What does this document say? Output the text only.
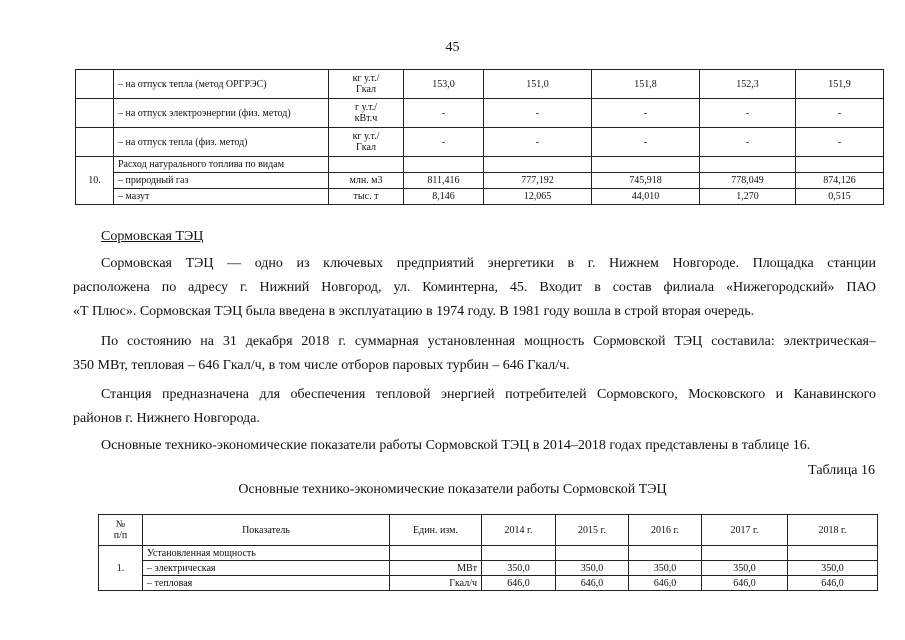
45
	– на отпуск тепла (метод ОРГРЭС)	кг у.т./
Гкал	153,0	151,0	151,8	152,3	151,9
	– на отпуск электроэнергии (физ. метод)	г у.т./
кВт.ч	-	-	-	-	-
	– на отпуск тепла (физ. метод)	кг у.т./
Гкал	-	-	-	-	-
10.	Расход натурального топлива по видам						
	– природный газ	млн. м3	811,416	777,192	745,918	778,049	874,126
	– мазут	тыс. т	8,146	12,065	44,010	1,270	0,515
Сормовская ТЭЦ
Сормовская ТЭЦ — одно из ключевых предприятий энергетики в г. Нижнем Новгороде. Площадка станции
расположена по адресу г. Нижний Новгород, ул. Коминтерна, 45. Входит в состав филиала «Нижегородский» ПАО
«Т Плюс». Сормовская ТЭЦ была введена в эксплуатацию в 1974 году. В 1981 году вошла в строй вторая очередь.
По состоянию на 31 декабря 2018 г. суммарная установленная мощность Сормовской ТЭЦ составила: электрическая–
350 МВт, тепловая – 646 Гкал/ч, в том числе отборов паровых турбин – 646 Гкал/ч.
Станция предназначена для обеспечения тепловой энергией потребителей Сормовского, Московского и Канавинского
районов г. Нижнего Новгорода.
Основные технико-экономические показатели работы Сормовской ТЭЦ в 2014–2018 годах представлены в таблице 16.
Таблица 16
Основные технико-экономические показатели работы Сормовской ТЭЦ
№
п/п	Показатель	Един. изм.	2014 г.	2015 г.	2016 г.	2017 г.	2018 г.
1.	Установленная мощность						
	– электрическая	МВт	350,0	350,0	350,0	350,0	350,0
	– тепловая	Гкал/ч	646,0	646,0	646,0	646,0	646,0
